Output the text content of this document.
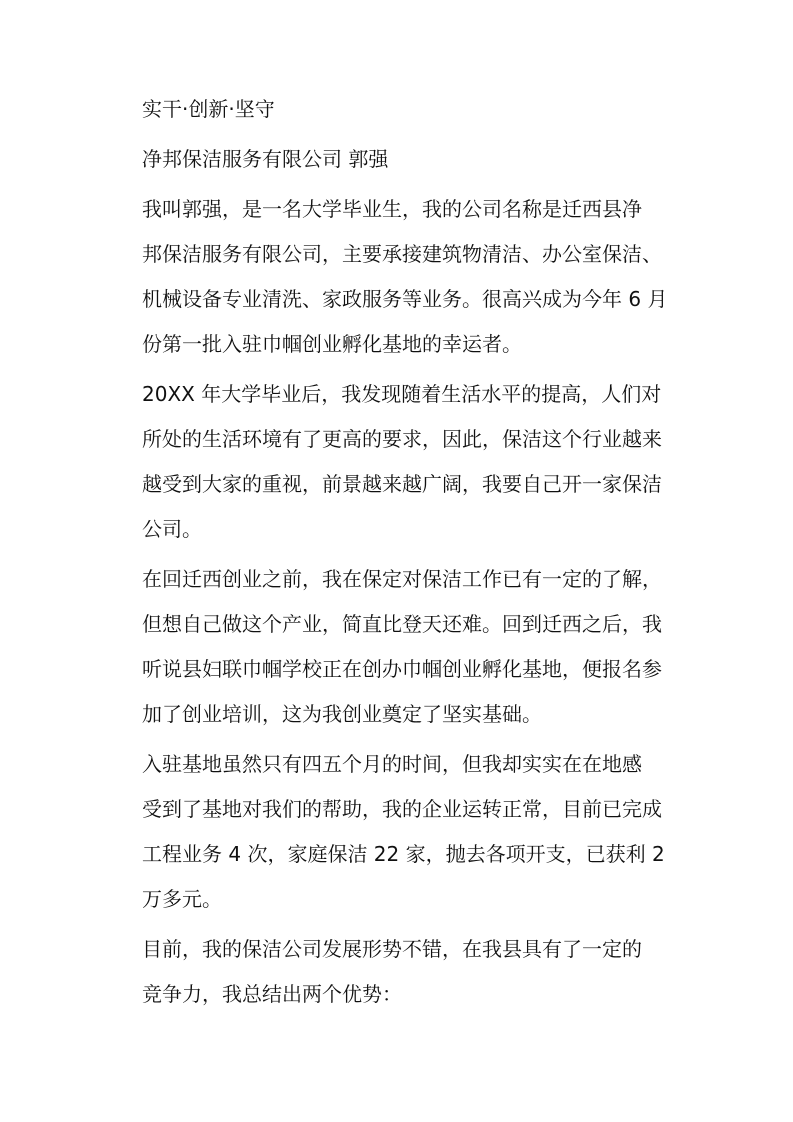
实干·创新·坚守

净邦保洁服务有限公司 郭强

我叫郭强，是一名大学毕业生，我的公司名称是迁西县净

邦保洁服务有限公司，主要承接建筑物清洁、办公室保洁、

机械设备专业清洗、家政服务等业务。很高兴成为今年 6 月

份第一批入驻巾帼创业孵化基地的幸运者。

20XX 年大学毕业后，我发现随着生活水平的提高，人们对

所处的生活环境有了更高的要求，因此，保洁这个行业越来

越受到大家的重视，前景越来越广阔，我要自己开一家保洁

公司。

在回迁西创业之前，我在保定对保洁工作已有一定的了解，

但想自己做这个产业，简直比登天还难。回到迁西之后，我

听说县妇联巾帼学校正在创办巾帼创业孵化基地，便报名参

加了创业培训，这为我创业奠定了坚实基础。

入驻基地虽然只有四五个月的时间，但我却实实在在地感

受到了基地对我们的帮助，我的企业运转正常，目前已完成

工程业务 4 次，家庭保洁 22 家，抛去各项开支，已获利 2

万多元。

目前，我的保洁公司发展形势不错，在我县具有了一定的

竞争力，我总结出两个优势：
